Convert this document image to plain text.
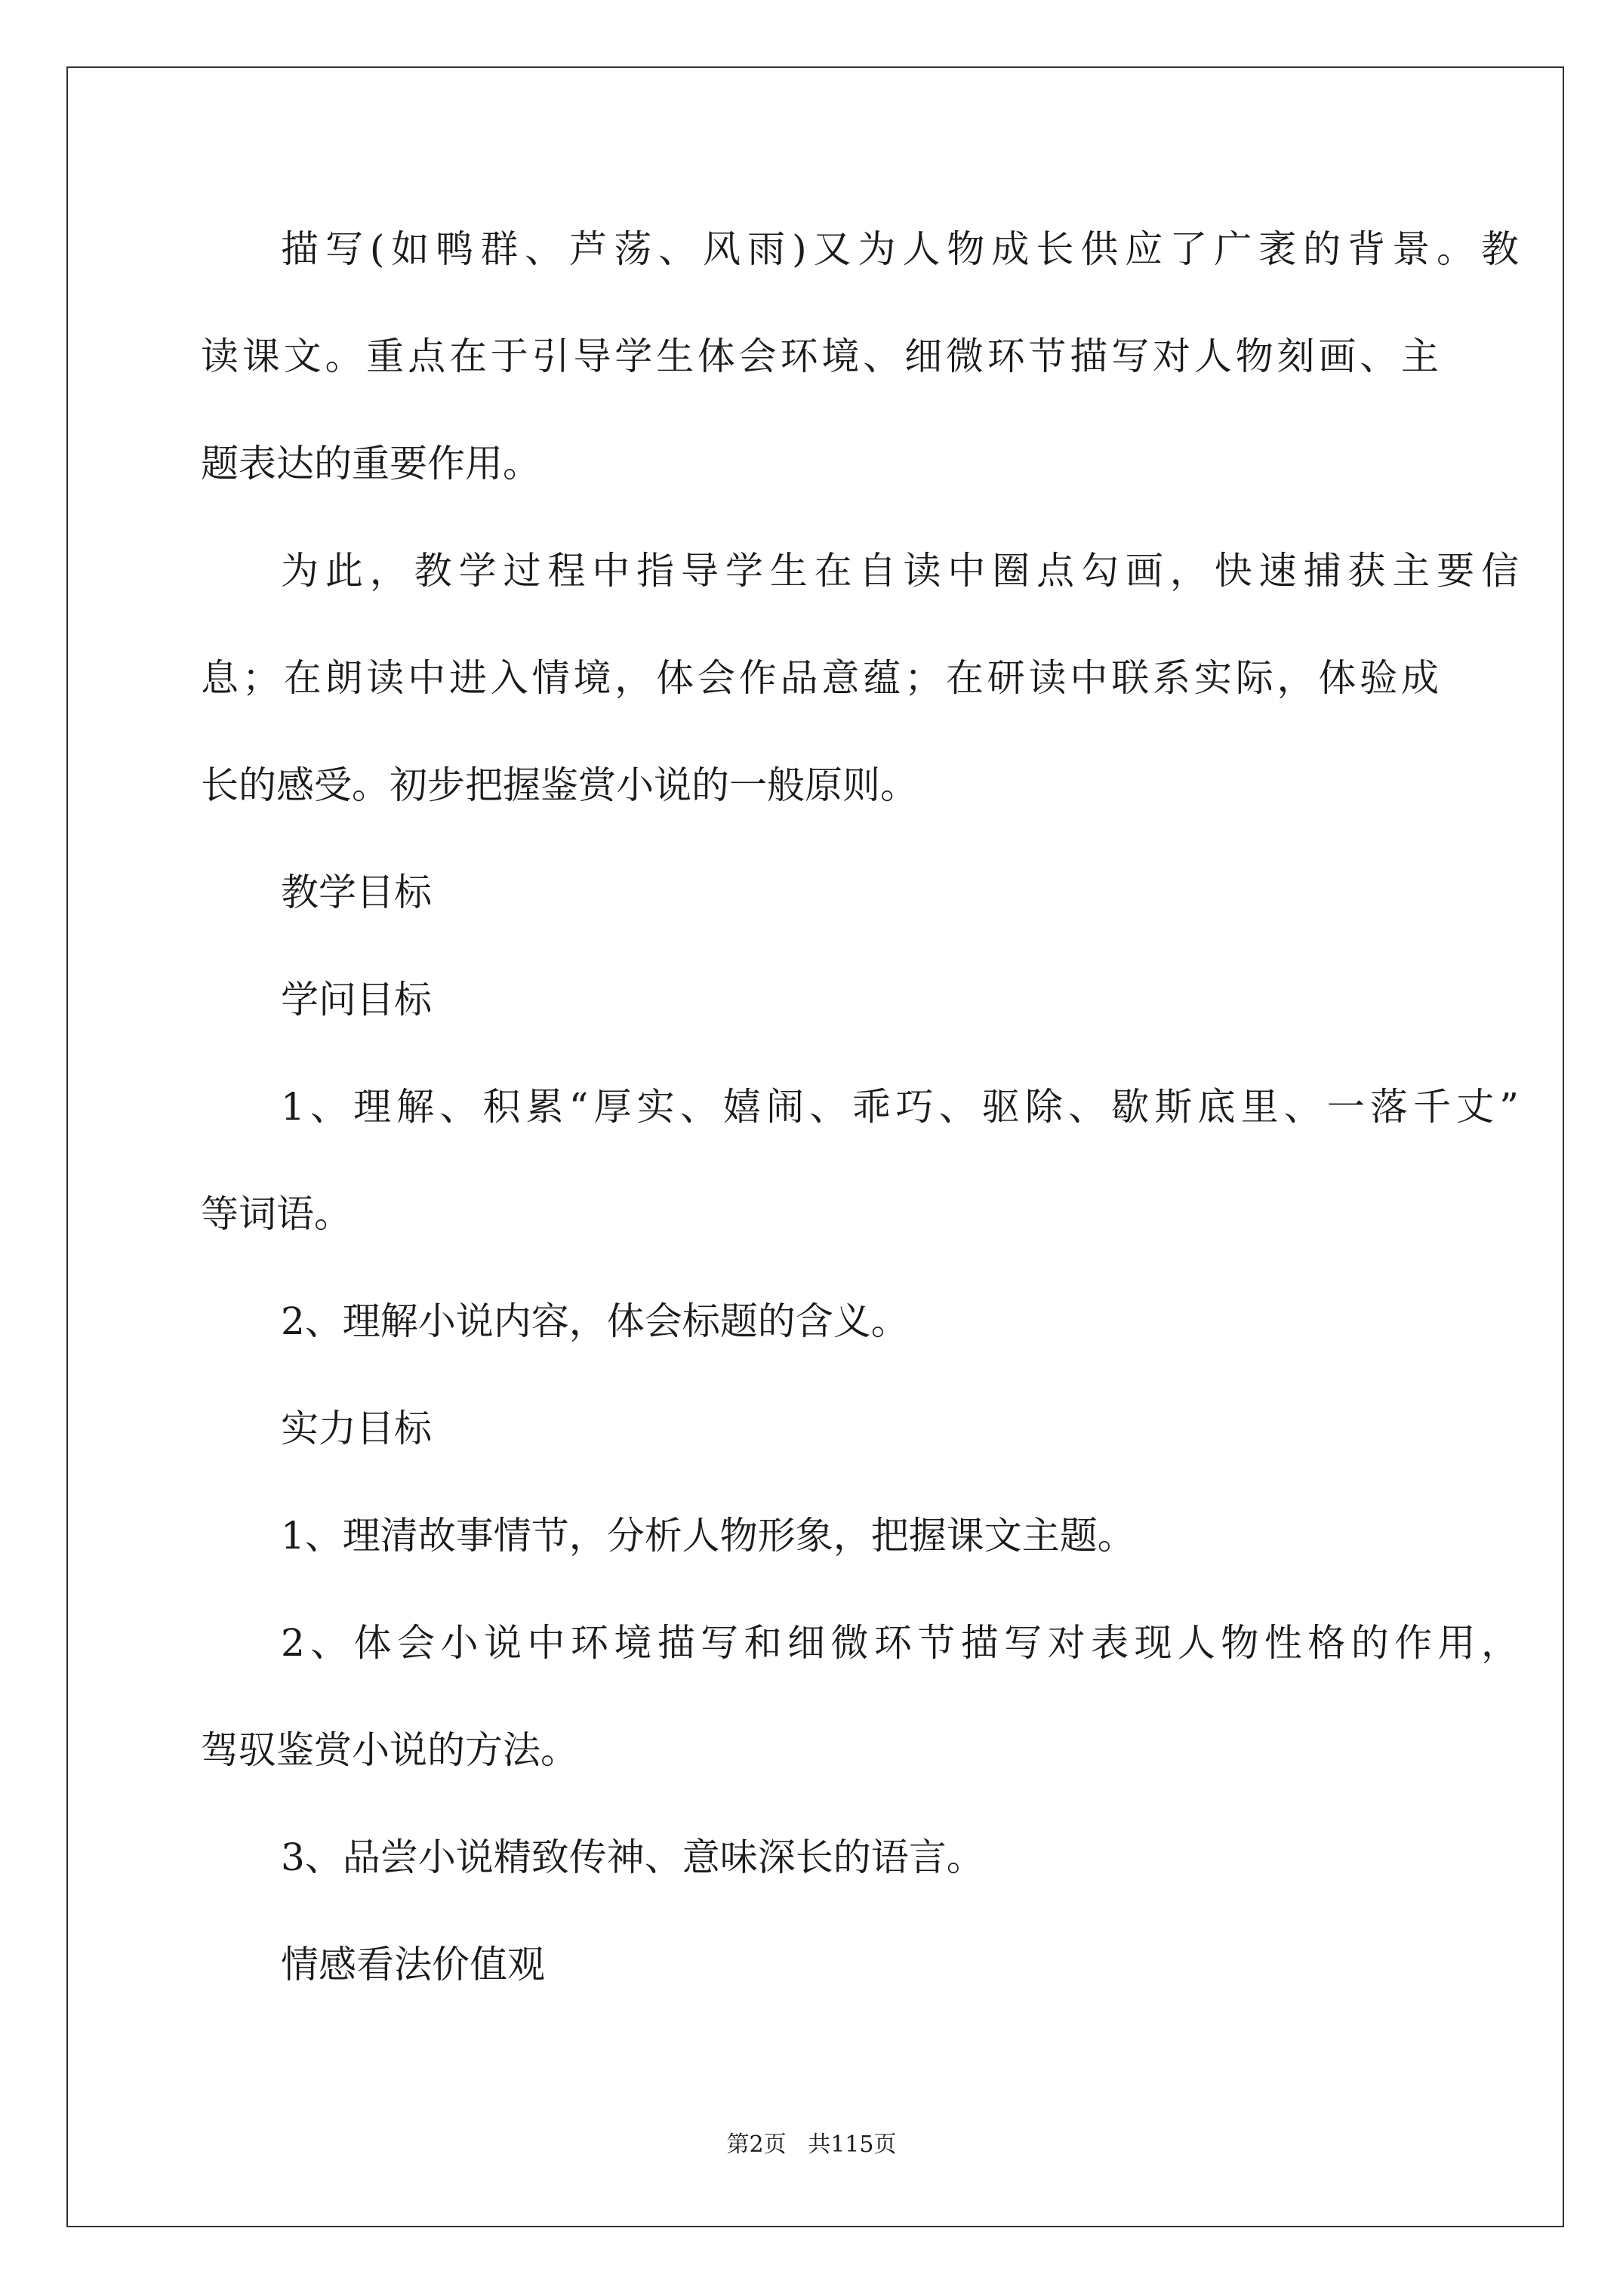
描写(如鸭群、芦荡、风雨)又为人物成长供应了广袤的背景。教
读课文。重点在于引导学生体会环境、细微环节描写对人物刻画、主
题表达的重要作用。
为此，教学过程中指导学生在自读中圈点勾画，快速捕获主要信
息；在朗读中进入情境，体会作品意蕴；在研读中联系实际，体验成
长的感受。初步把握鉴赏小说的一般原则。
教学目标
学问目标
1、理解、积累“厚实、嬉闹、乖巧、驱除、歇斯底里、一落千丈”
等词语。
2、理解小说内容，体会标题的含义。
实力目标
1、理清故事情节，分析人物形象，把握课文主题。
2、体会小说中环境描写和细微环节描写对表现人物性格的作用，
驾驭鉴赏小说的方法。
3、品尝小说精致传神、意味深长的语言。
情感看法价值观
第2页   共115页
